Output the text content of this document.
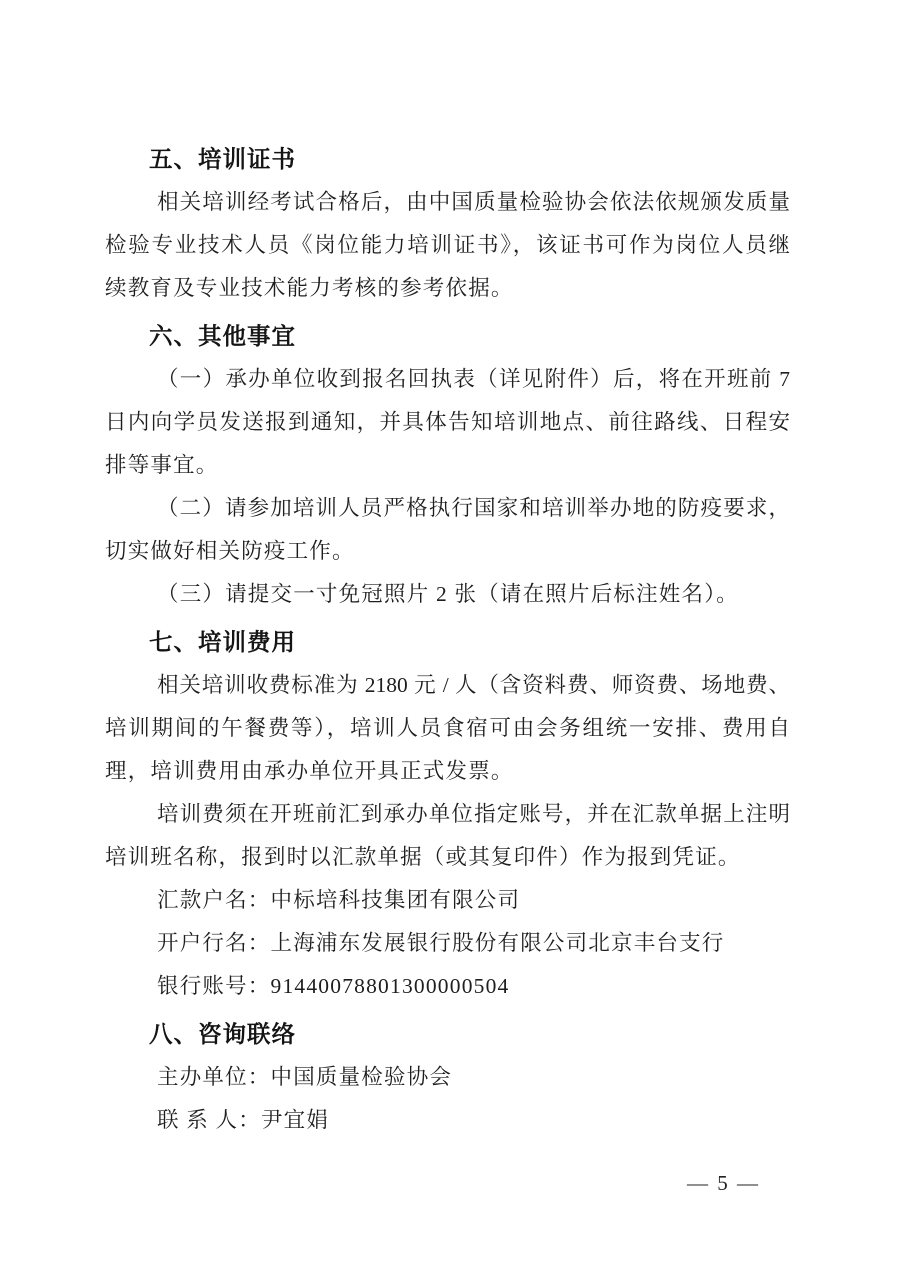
五、培训证书
相关培训经考试合格后，由中国质量检验协会依法依规颁发质量
检验专业技术人员《岗位能力培训证书》，该证书可作为岗位人员继
续教育及专业技术能力考核的参考依据。
六、其他事宜
（一）承办单位收到报名回执表（详见附件）后，将在开班前 7
日内向学员发送报到通知，并具体告知培训地点、前往路线、日程安
排等事宜。
（二）请参加培训人员严格执行国家和培训举办地的防疫要求，
切实做好相关防疫工作。
（三）请提交一寸免冠照片 2 张（请在照片后标注姓名）。
七、培训费用
相关培训收费标准为 2180 元 / 人（含资料费、师资费、场地费、
培训期间的午餐费等），培训人员食宿可由会务组统一安排、费用自
理，培训费用由承办单位开具正式发票。
培训费须在开班前汇到承办单位指定账号，并在汇款单据上注明
培训班名称，报到时以汇款单据（或其复印件）作为报到凭证。
汇款户名：中标培科技集团有限公司
开户行名：上海浦东发展银行股份有限公司北京丰台支行
银行账号：91440078801300000504
八、咨询联络
主办单位：中国质量检验协会
联 系 人：尹宜娟
— 5 —
